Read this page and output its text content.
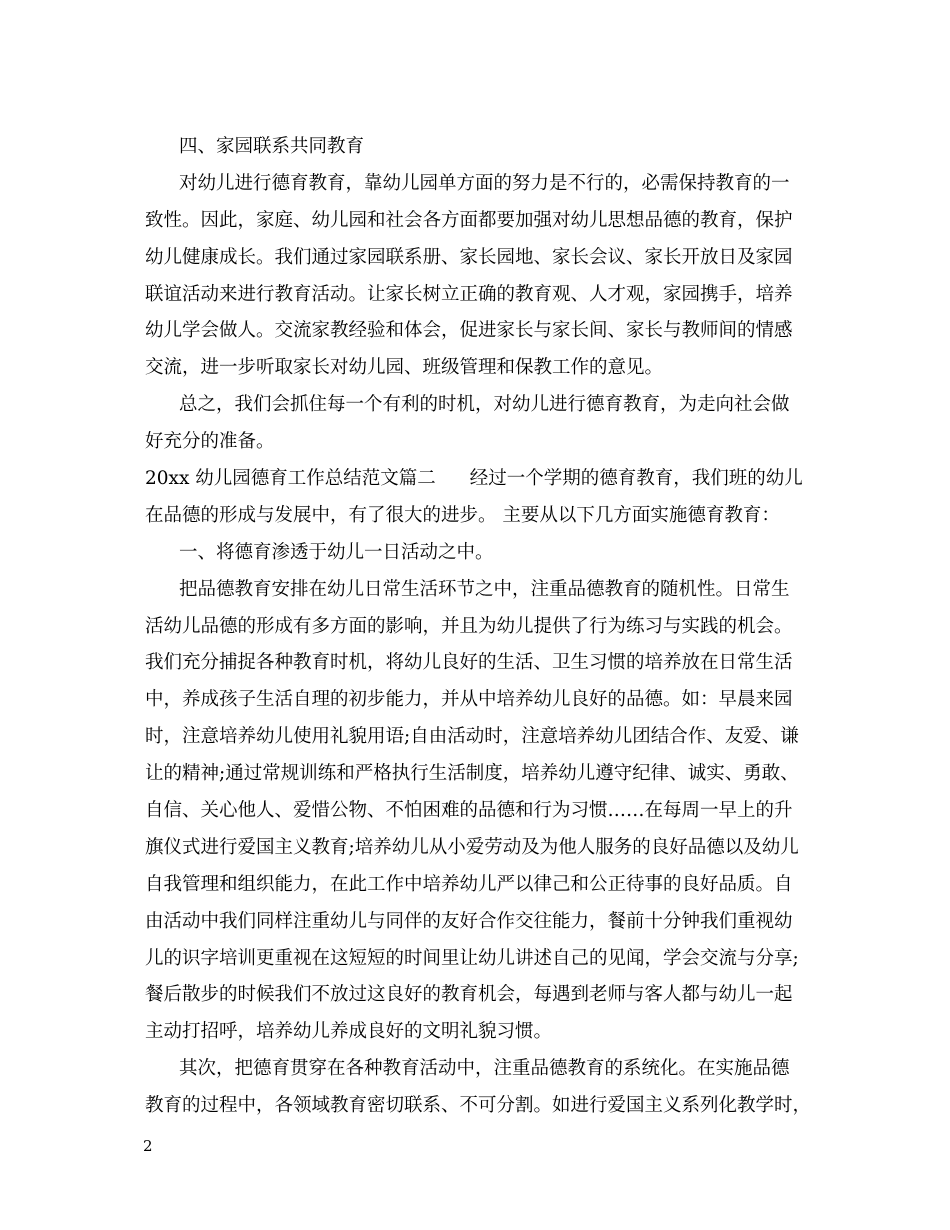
四、家园联系共同教育
对幼儿进行德育教育，靠幼儿园单方面的努力是不行的，必需保持教育的一
致性。因此，家庭、幼儿园和社会各方面都要加强对幼儿思想品德的教育，保护
幼儿健康成长。我们通过家园联系册、家长园地、家长会议、家长开放日及家园
联谊活动来进行教育活动。让家长树立正确的教育观、人才观，家园携手，培养
幼儿学会做人。交流家教经验和体会，促进家长与家长间、家长与教师间的情感
交流，进一步听取家长对幼儿园、班级管理和保教工作的意见。
总之，我们会抓住每一个有利的时机，对幼儿进行德育教育，为走向社会做
好充分的准备。
20xx 幼儿园德育工作总结范文篇二 经过一个学期的德育教育，我们班的幼儿
在品德的形成与发展中，有了很大的进步。 主要从以下几方面实施德育教育：
一、将德育渗透于幼儿一日活动之中。
把品德教育安排在幼儿日常生活环节之中，注重品德教育的随机性。日常生
活幼儿品德的形成有多方面的影响，并且为幼儿提供了行为练习与实践的机会。
我们充分捕捉各种教育时机，将幼儿良好的生活、卫生习惯的培养放在日常生活
中，养成孩子生活自理的初步能力，并从中培养幼儿良好的品德。如：早晨来园
时，注意培养幼儿使用礼貌用语;自由活动时，注意培养幼儿团结合作、友爱、谦
让的精神;通过常规训练和严格执行生活制度，培养幼儿遵守纪律、诚实、勇敢、
自信、关心他人、爱惜公物、不怕困难的品德和行为习惯……在每周一早上的升
旗仪式进行爱国主义教育;培养幼儿从小爱劳动及为他人服务的良好品德以及幼儿
自我管理和组织能力，在此工作中培养幼儿严以律己和公正待事的良好品质。自
由活动中我们同样注重幼儿与同伴的友好合作交往能力，餐前十分钟我们重视幼
儿的识字培训更重视在这短短的时间里让幼儿讲述自己的见闻，学会交流与分享;
餐后散步的时候我们不放过这良好的教育机会，每遇到老师与客人都与幼儿一起
主动打招呼，培养幼儿养成良好的文明礼貌习惯。
其次，把德育贯穿在各种教育活动中，注重品德教育的系统化。在实施品德
教育的过程中，各领域教育密切联系、不可分割。如进行爱国主义系列化教学时，
2
